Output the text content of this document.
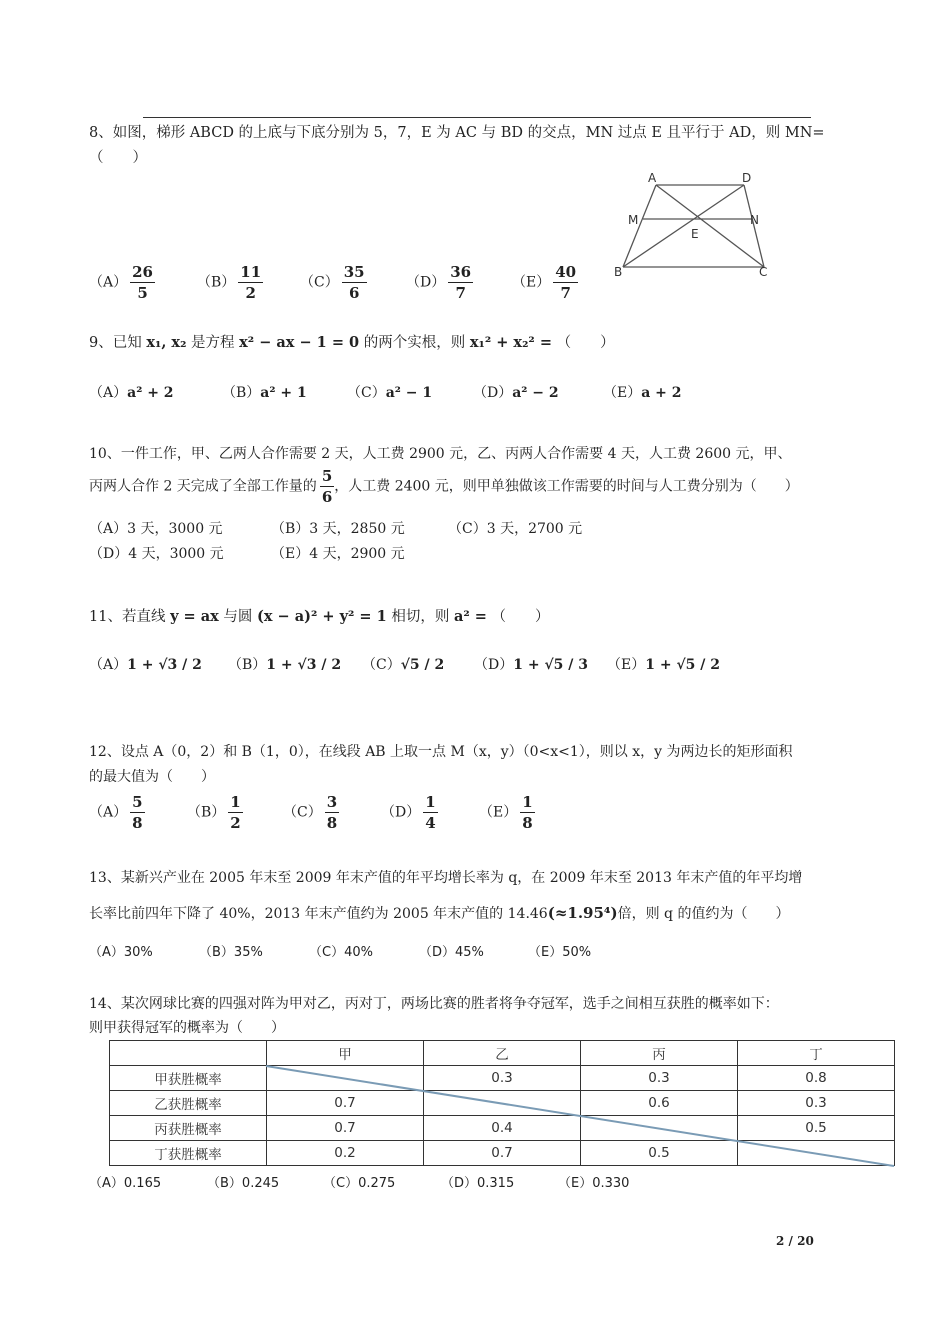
8、如图，梯形 ABCD 的上底与下底分别为 5，7，E 为 AC 与 BD 的交点，MN 过点 E 且平行于 AD，则 MN=
（　　）
A	D
M	N
E
B	C
$(A) \frac{26}{5}$	$(B) \frac{11}{2}$	$(C) \frac{35}{6}$	$(D) \frac{36}{7}$	$(E) \frac{40}{7}$
9、已知 x₁, x₂ 是方程 x² − ax − 1 = 0 的两个实根，则 x₁² + x₂² = （　　）
（A）a² + 2	（B）a² + 1	（C）a² − 1	（D）a² − 2	（E）a + 2
10、一件工作，甲、乙两人合作需要 2 天，人工费 2900 元，乙、丙两人合作需要 4 天，人工费 2600 元，甲、
丙两人合作 2 天完成了全部工作量的 $\frac{5}{6}$ ，人工费 2400 元，则甲单独做该工作需要的时间与人工费分别为（　　）
（A）3 天，3000 元	（B）3 天，2850 元	（C）3 天，2700 元
（D）4 天，3000 元	（E）4 天，2900 元
11、若直线 y = ax 与圆 (x − a)² + y² = 1 相切，则 a² = （　　）
（A）1 + √3 / 2 （B）1 + √3 / 2 （C）√5 / 2 （D）1 + √5 / 3 （E）1 + √5 / 2
12、设点 A（0，2）和 B（1，0），在线段 AB 上取一点 M（x，y）（0<x<1），则以 x，y 为两边长的矩形面积
的最大值为（　　）
$(A) \frac{5}{8}$	$(B) \frac{1}{2}$	$(C) \frac{3}{8}$	$(D) \frac{1}{4}$	$(E) \frac{1}{8}$
13、某新兴产业在 2005 年末至 2009 年末产值的年平均增长率为 q，在 2009 年末至 2013 年末产值的年平均增
长率比前四年下降了 40%，2013 年末产值约为 2005 年末产值的 14.46(≈1.95⁴)倍，则 q 的值约为（　　）
（A）30%	（B）35%	（C）40%	（D）45%	（E）50%
14、某次网球比赛的四强对阵为甲对乙，丙对丁，两场比赛的胜者将争夺冠军，选手之间相互获胜的概率如下：
则甲获得冠军的概率为（　　）
	甲	乙	丙	丁
甲获胜概率		0.3	0.3	0.8
乙获胜概率	0.7		0.6	0.3
丙获胜概率	0.7	0.4		0.5
丁获胜概率	0.2	0.7	0.5	
（A）0.165	（B）0.245	（C）0.275	（D）0.315	（E）0.330
2 / 20
